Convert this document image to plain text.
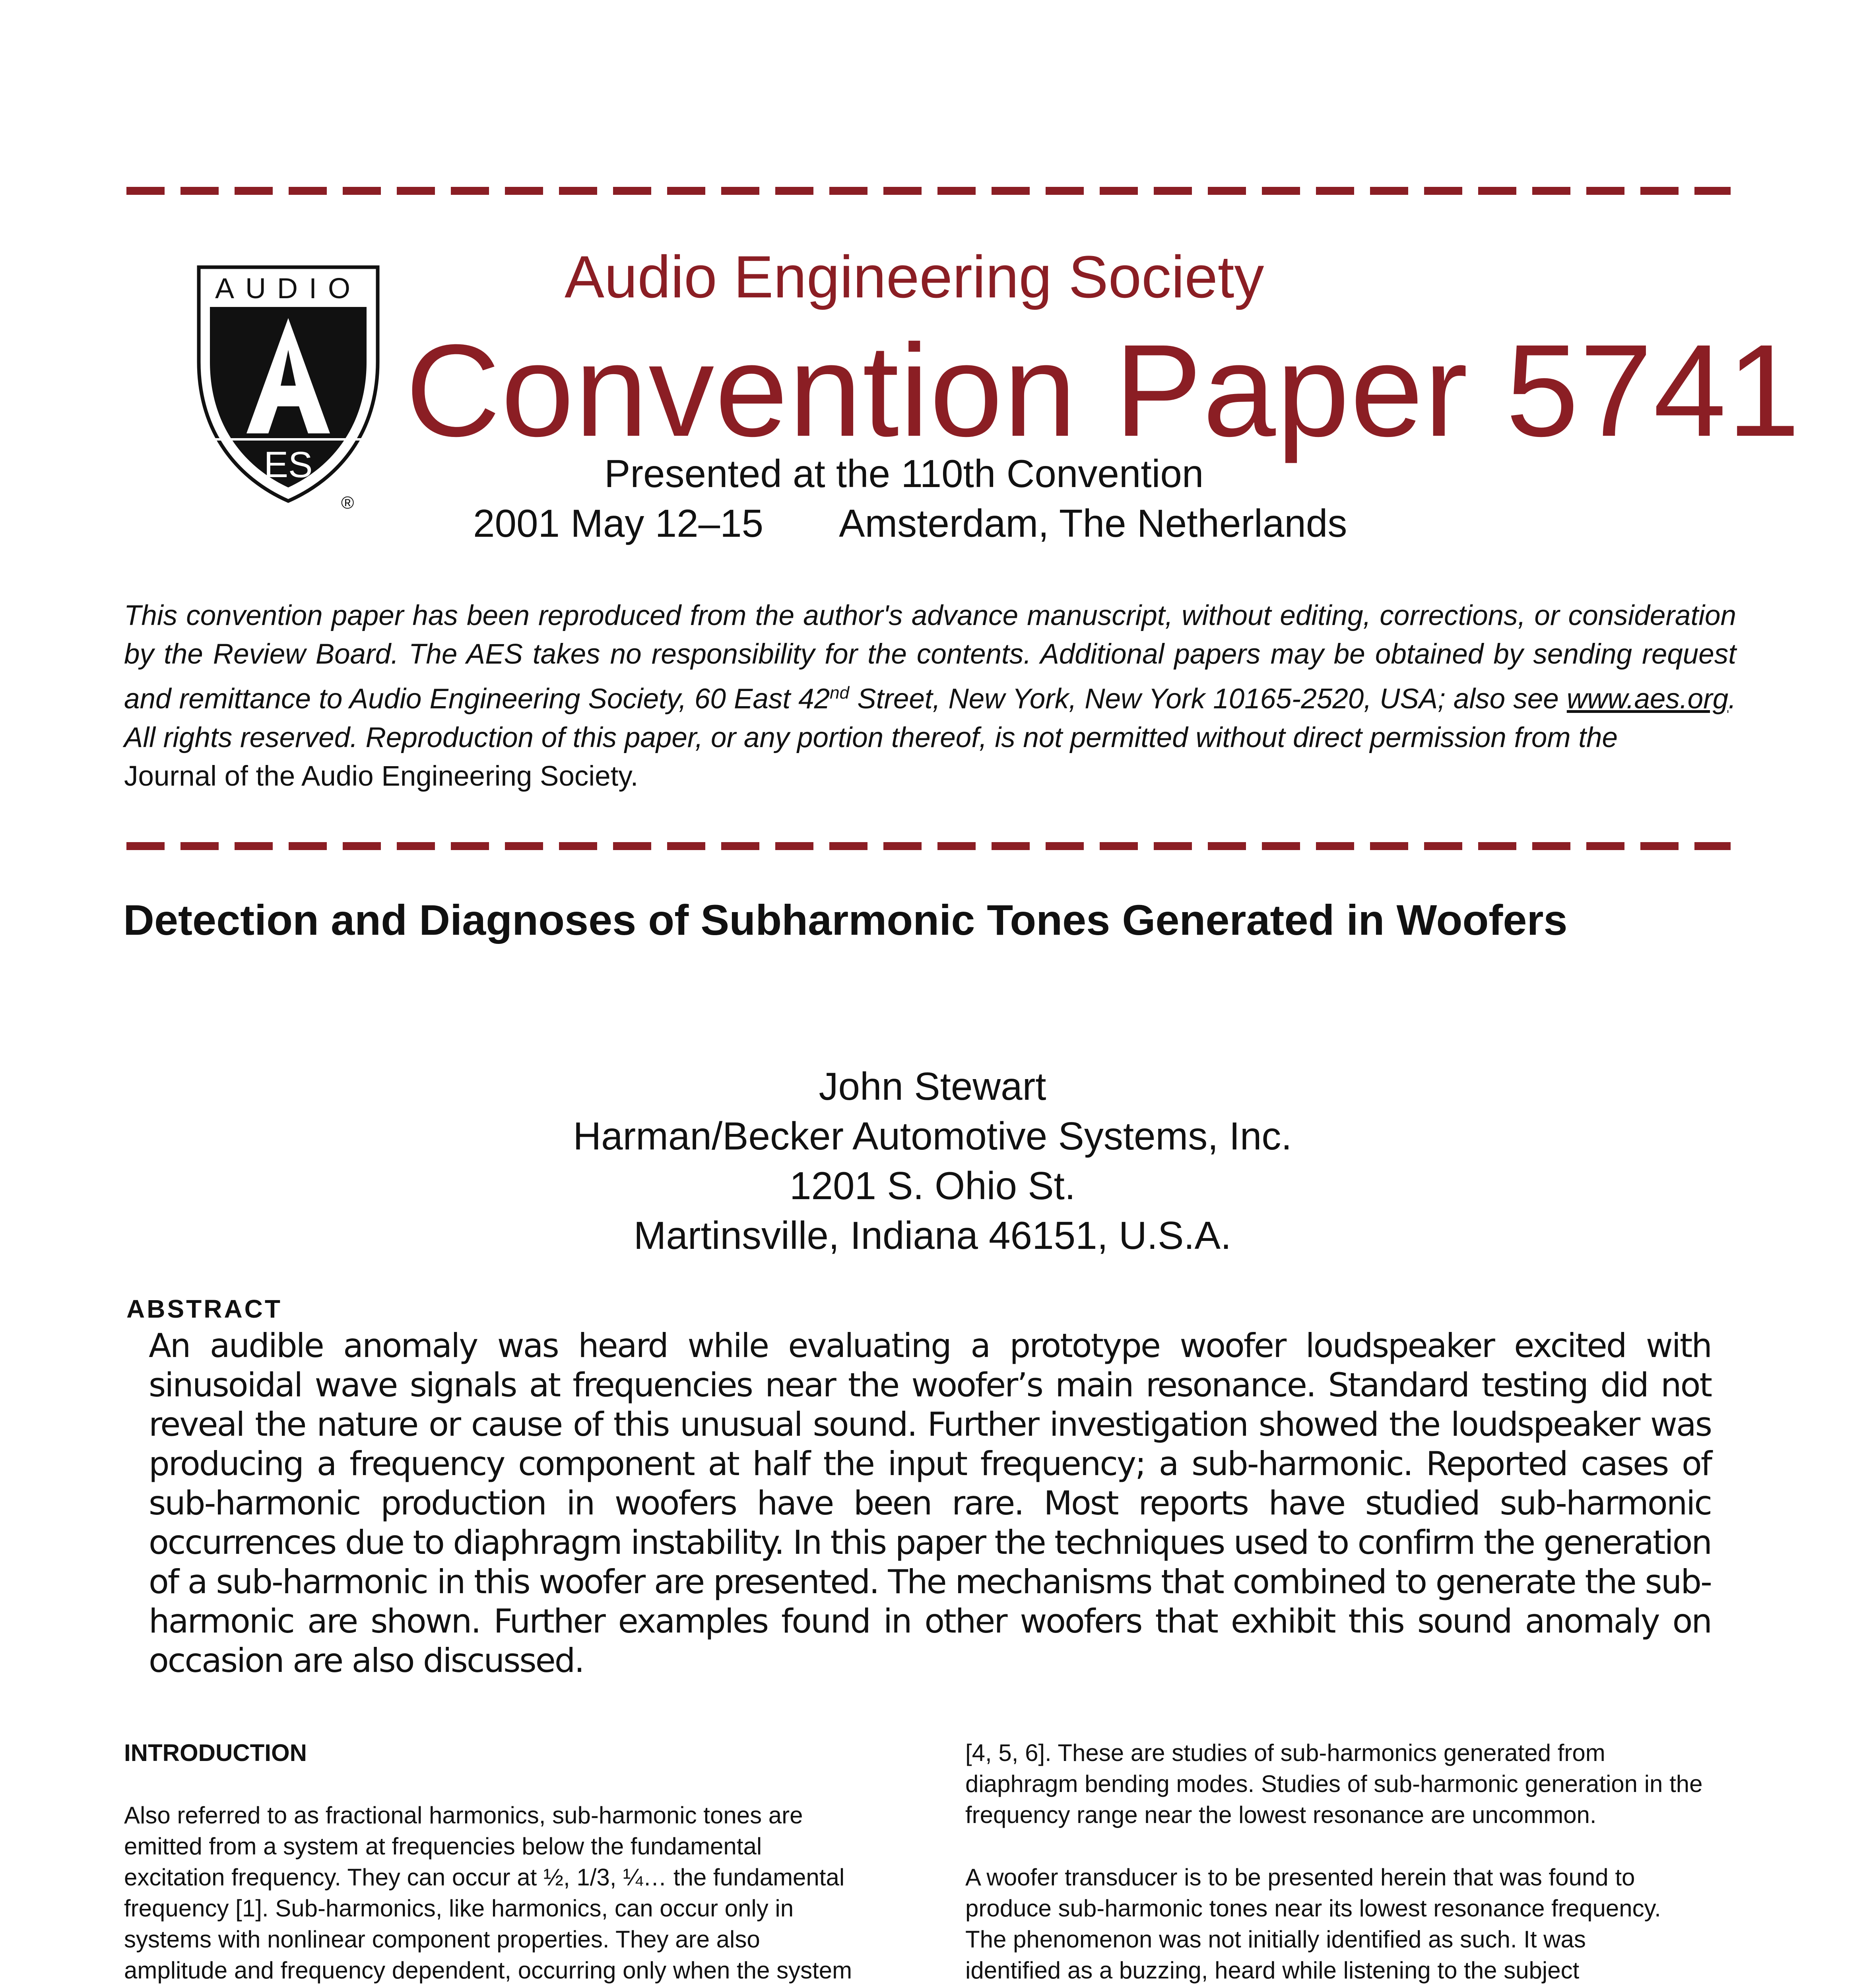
AUDIO
ES
®
Audio Engineering Society
Convention Paper 5741
Presented at the 110th Convention
2001 May 12–15 Amsterdam, The Netherlands
This convention paper has been reproduced from the author's advance manuscript, without editing, corrections, or consideration by the Review Board. The AES takes no responsibility for the contents. Additional papers may be obtained by sending request and remittance to Audio Engineering Society, 60 East 42nd Street, New York, New York 10165-2520, USA; also see www.aes.org. All rights reserved. Reproduction of this paper, or any portion thereof, is not permitted without direct permission from the
Journal of the Audio Engineering Society.
Detection and Diagnoses of Subharmonic Tones Generated in Woofers
John Stewart
Harman/Becker Automotive Systems, Inc.
1201 S. Ohio St.
Martinsville, Indiana 46151, U.S.A.
ABSTRACT
An audible anomaly was heard while evaluating a prototype woofer loudspeaker excited with sinusoidal wave signals at frequencies near the woofer’s main resonance. Standard testing did not reveal the nature or cause of this unusual sound. Further investigation showed the loudspeaker was producing a frequency component at half the input frequency; a sub-harmonic. Reported cases of sub-harmonic production in woofers have been rare. Most reports have studied sub-harmonic occurrences due to diaphragm instability. In this paper the techniques used to confirm the generation of a sub-harmonic in this woofer are presented. The mechanisms that combined to generate the sub-harmonic are shown. Further examples found in other woofers that exhibit this sound anomaly on occasion are also discussed.
INTRODUCTION

Also referred to as fractional harmonics, sub-harmonic tones are
emitted from a system at frequencies below the fundamental
excitation frequency. They can occur at ½, 1/3, ¼… the fundamental
frequency [1]. Sub-harmonics, like harmonics, can occur only in
systems with nonlinear component properties. They are also
amplitude and frequency dependent, occurring only when the system

[4, 5, 6]. These are studies of sub-harmonics generated from
diaphragm bending modes. Studies of sub-harmonic generation in the
frequency range near the lowest resonance are uncommon.
A woofer transducer is to be presented herein that was found to
produce sub-harmonic tones near its lowest resonance frequency.
The phenomenon was not initially identified as such. It was
identified as a buzzing, heard while listening to the subject
